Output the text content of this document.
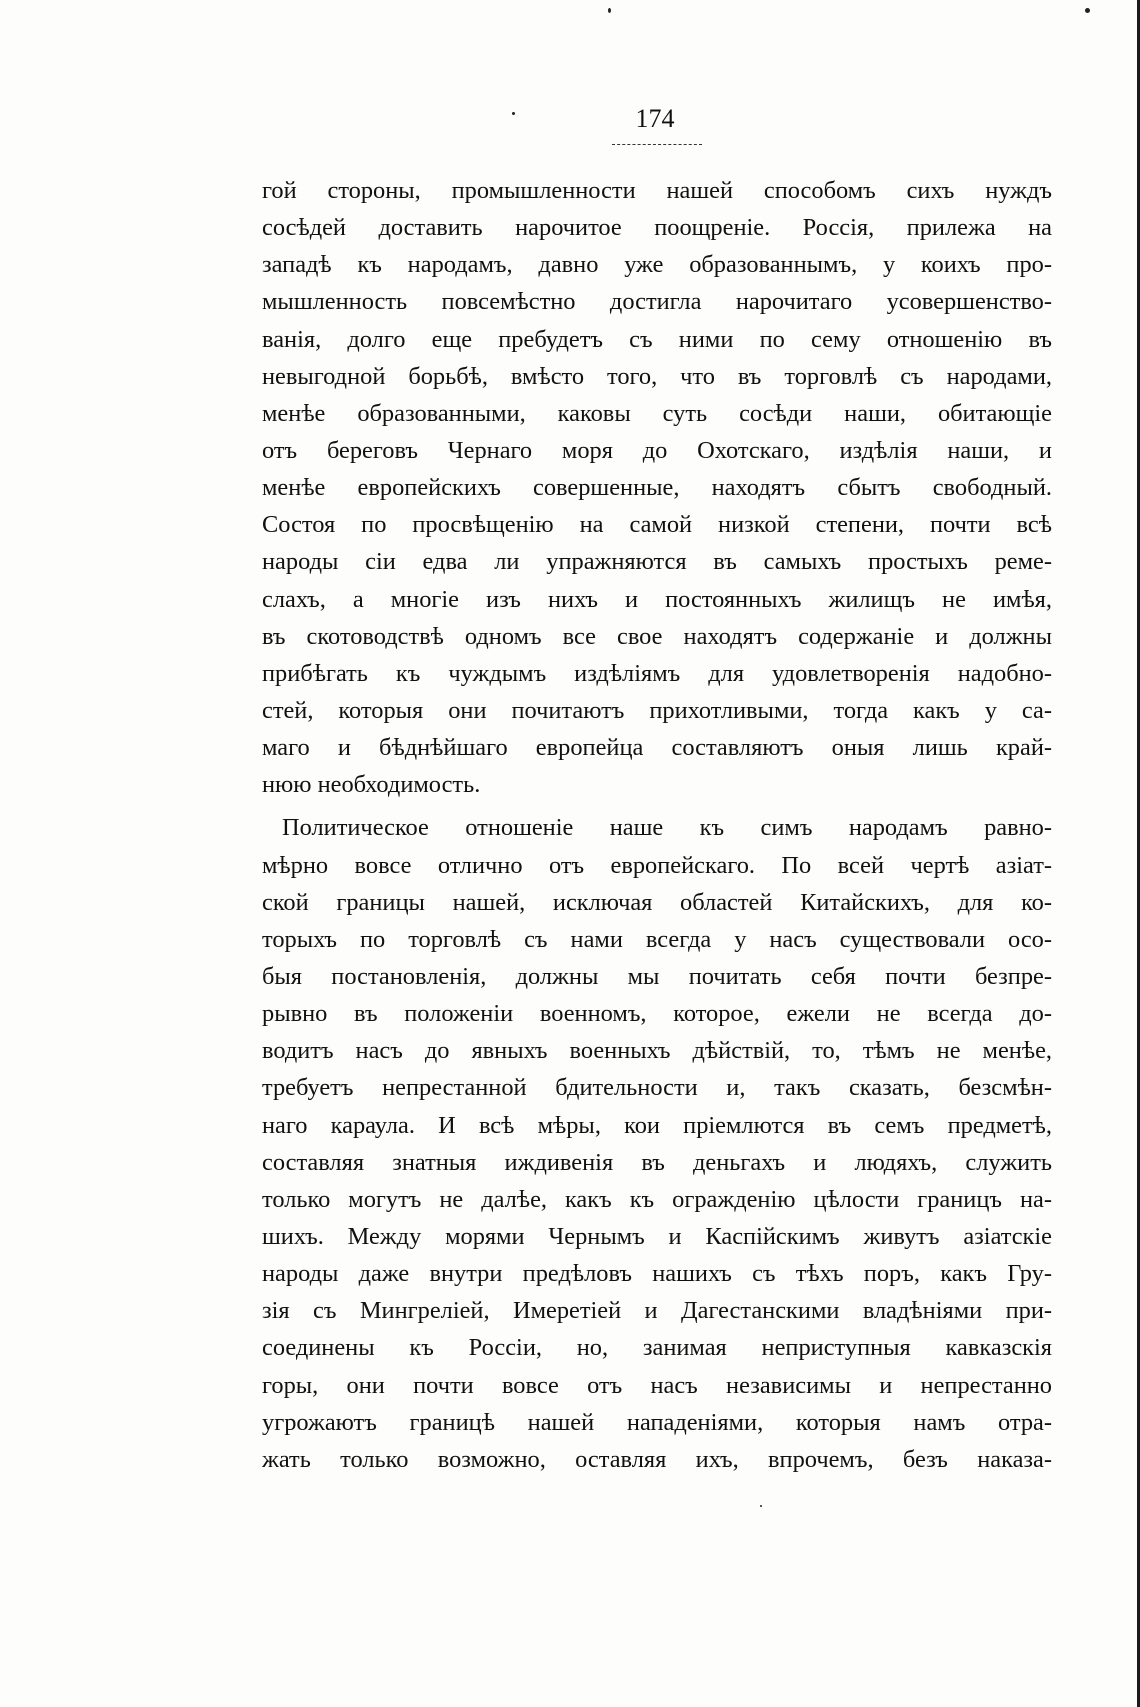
174
гой стороны, промышленности нашей способомъ сихъ нуждъ
сосѣдей доставить нарочитое поощреніе. Россія, прилежа на
западѣ къ народамъ, давно уже образованнымъ, у коихъ про-
мышленность повсемѣстно достигла нарочитаго усовершенство-
ванія, долго еще пребудетъ съ ними по сему отношенію въ
невыгодной борьбѣ, вмѣсто того, что въ торговлѣ съ народами,
менѣе образованными, каковы суть сосѣди наши, обитающіе
отъ береговъ Чернаго моря до Охотскаго, издѣлія наши, и
менѣе европейскихъ совершенные, находятъ сбытъ свободный.
Состоя по просвѣщенію на самой низкой степени, почти всѣ
народы сіи едва ли упражняются въ самыхъ простыхъ реме-
слахъ, а многіе изъ нихъ и постоянныхъ жилищъ не имѣя,
въ скотоводствѣ одномъ все свое находятъ содержаніе и должны
прибѣгать къ чуждымъ издѣліямъ для удовлетворенія надобно-
стей, которыя они почитаютъ прихотливыми, тогда какъ у са-
маго и бѣднѣйшаго европейца составляютъ оныя лишь край-
нюю необходимость.
Политическое отношеніе наше къ симъ народамъ равно-
мѣрно вовсе отлично отъ европейскаго. По всей чертѣ азіат-
ской границы нашей, исключая областей Китайскихъ, для ко-
торыхъ по торговлѣ съ нами всегда у насъ существовали осо-
быя постановленія, должны мы почитать себя почти безпре-
рывно въ положеніи военномъ, которое, ежели не всегда до-
водитъ насъ до явныхъ военныхъ дѣйствій, то, тѣмъ не менѣе,
требуетъ непрестанной бдительности и, такъ сказать, безсмѣн-
наго караула. И всѣ мѣры, кои пріемлются въ семъ предметѣ,
составляя знатныя иждивенія въ деньгахъ и людяхъ, служить
только могутъ не далѣе, какъ къ огражденію цѣлости границъ на-
шихъ. Между морями Чернымъ и Каспійскимъ живутъ азіатскіе
народы даже внутри предѣловъ нашихъ съ тѣхъ поръ, какъ Гру-
зія съ Мингреліей, Имеретіей и Дагестанскими владѣніями при-
соединены къ Россіи, но, занимая неприступныя кавказскія
горы, они почти вовсе отъ насъ независимы и непрестанно
угрожаютъ границѣ нашей нападеніями, которыя намъ отра-
жать только возможно, оставляя ихъ, впрочемъ, безъ наказа-
